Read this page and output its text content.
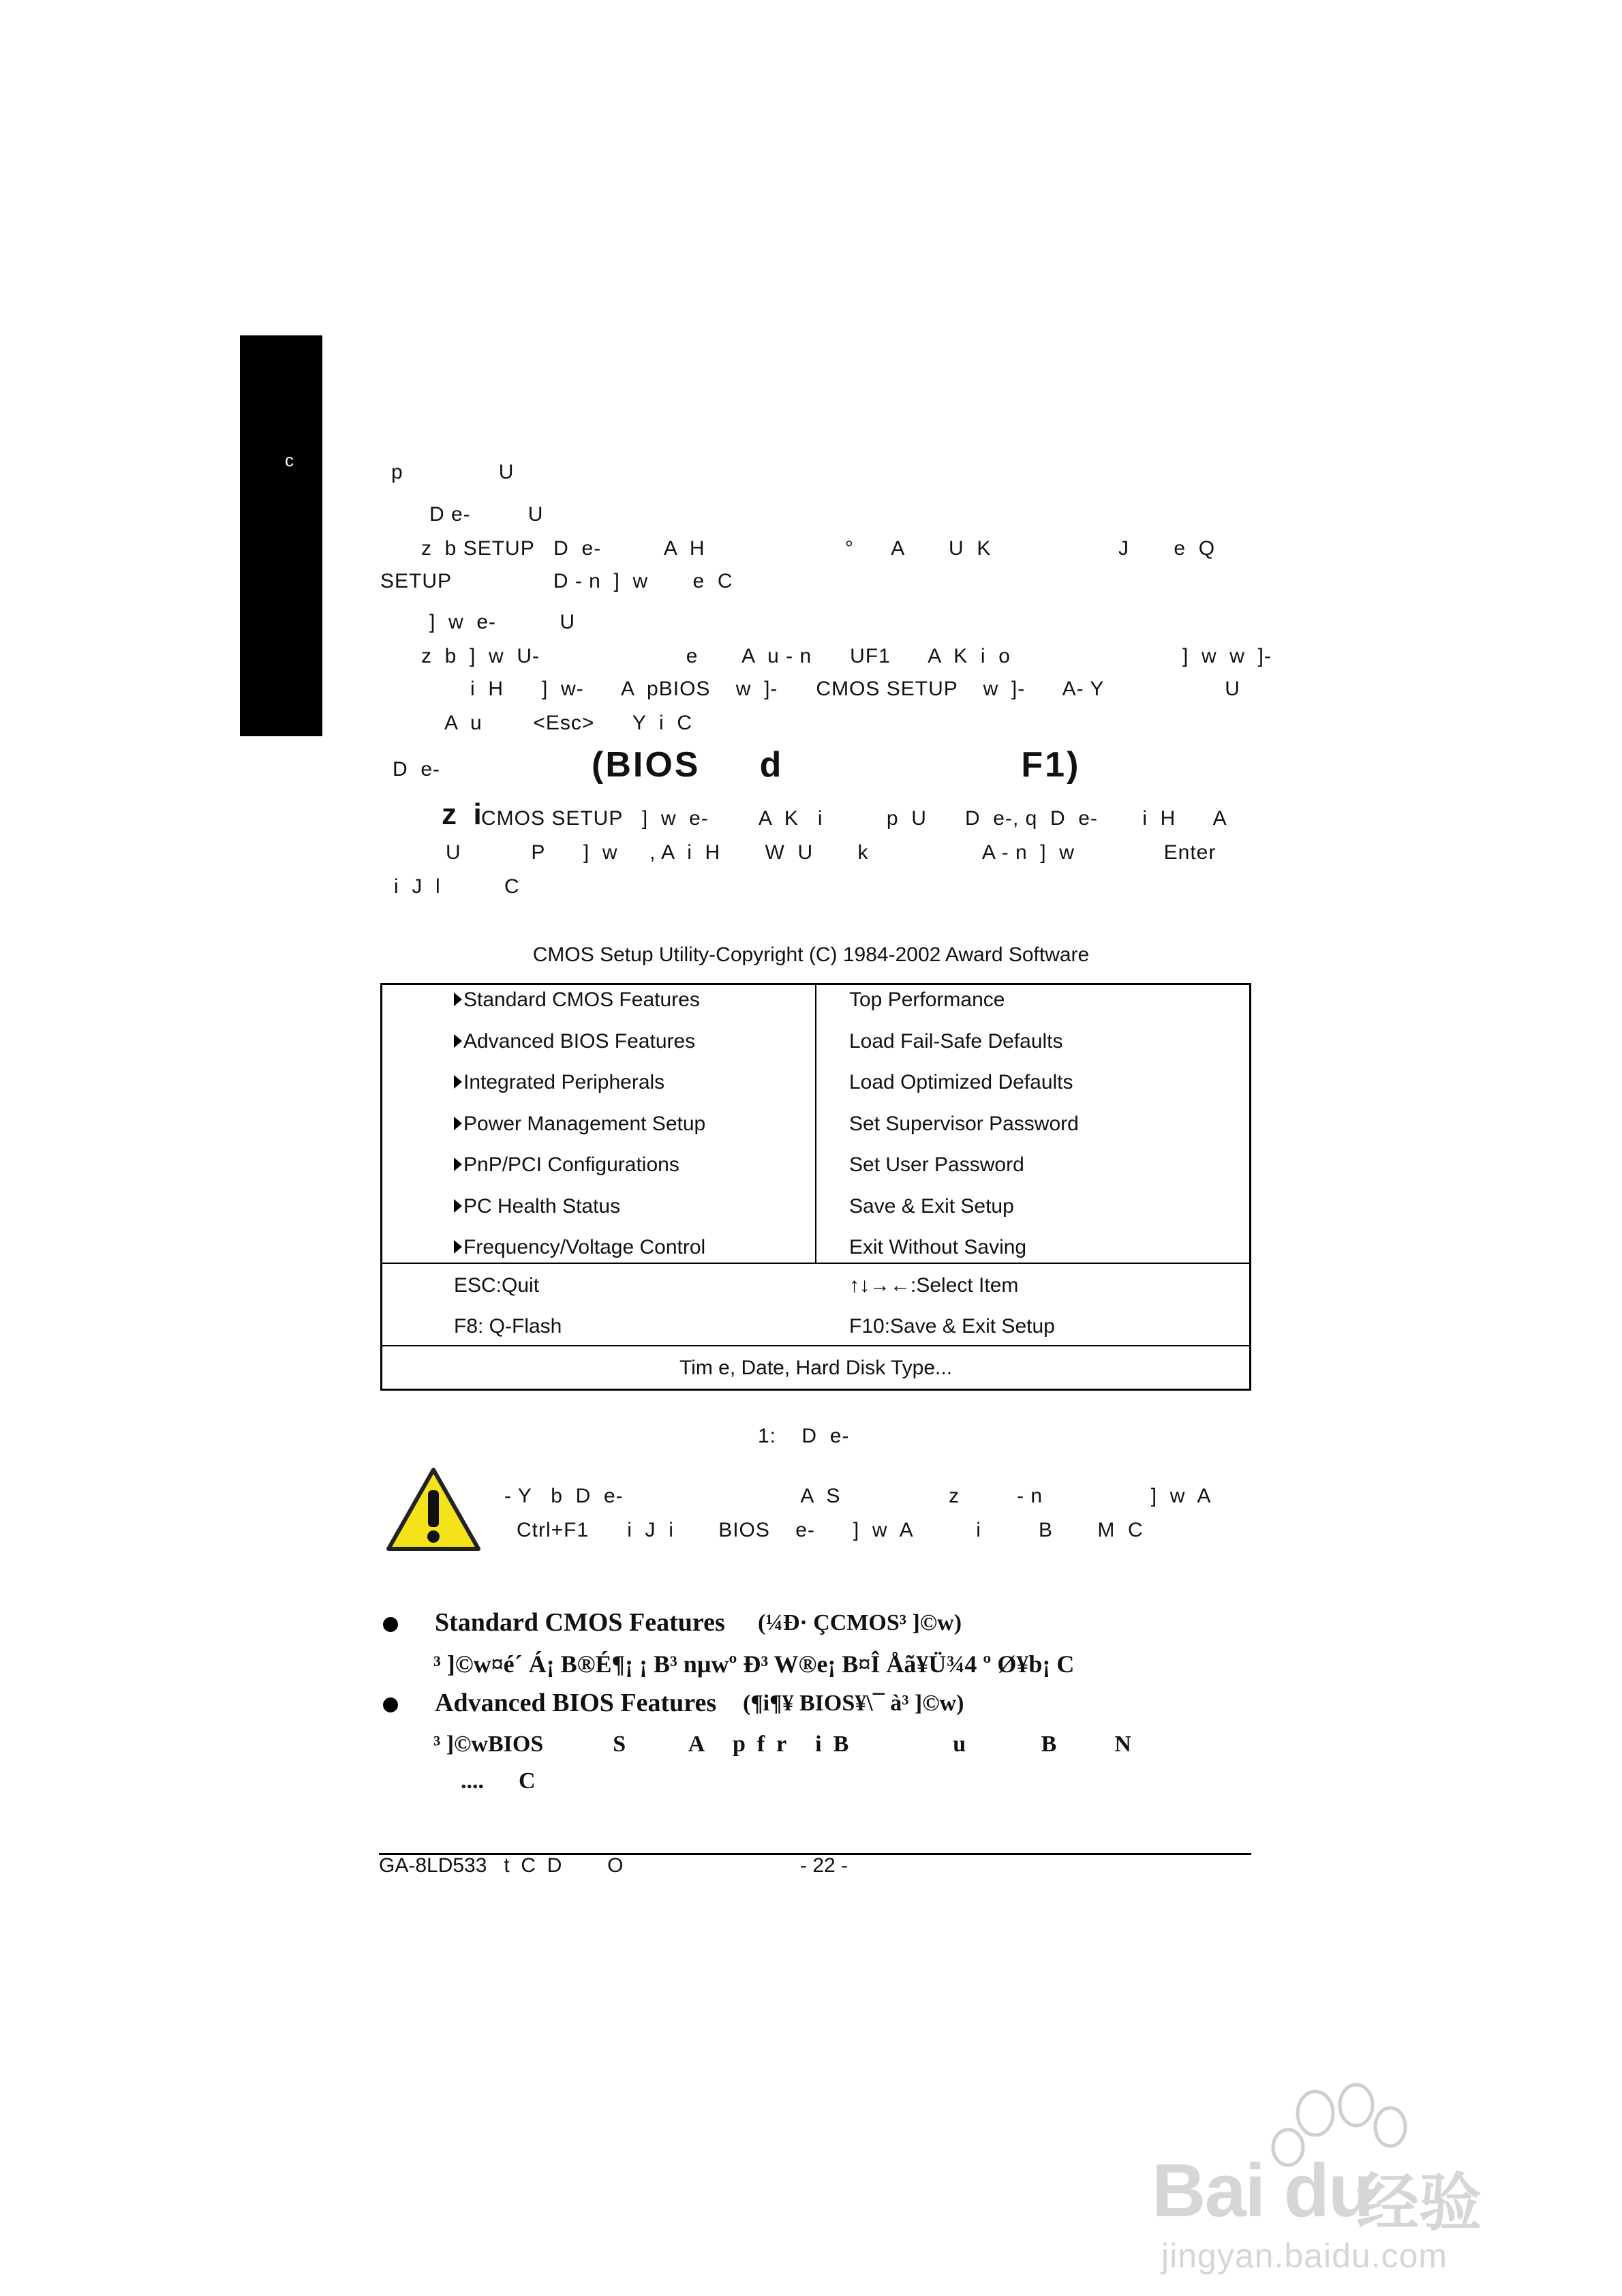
c
p               U
D e-         U
z  b SETUP   D  e-          A  H                      °      A       U  K                    J       e  Q
SETUP                D - n  ]  w       e  C
]  w  e-          U
z  b  ]  w  U-                       e       A  u - n      UF1      A  K  i  o                           ]  w  w  ]-
i  H      ]  w-      A  pBIOS    w  ]-      CMOS SETUP    w  ]-      A- Y                   U
A  u        <Esc>      Y  i  C
CMOS SETUP   ]  w  e-        A  K   i          p  U      D  e-, q  D  e-       i  H      A
U           P      ]  w     , A  i  H       W  U       k                  A - n  ]  w              Enter
i  J  l          C
D  e-	(BIOS     d                    F1)
z  i
CMOS Setup Utility-Copyright (C) 1984-2002 Award Software
Standard CMOS Features
Advanced BIOS Features
Integrated Peripherals
Power Management Setup
PnP/PCI Configurations
PC Health Status
Frequency/Voltage Control
Top Performance
Load Fail-Safe Defaults
Load Optimized Defaults
Set Supervisor Password
Set User Password
Save & Exit Setup
Exit Without Saving
ESC:Quit
F8: Q-Flash
↑↓→←:Select Item
F10:Save & Exit Setup
Tim e, Date, Hard Disk Type...
1:    D  e-
- Y   b  D  e-                            A  S                 z         - n                 ]  w  A
Ctrl+F1      i  J  i       BIOS    e-      ]  w  A          i         B       M  C
Standard CMOS Features (¼Ð· ÇCMOS³ ]©w)
³ ]©w¤é´ Á¡ B®É¶¡ ¡ B³ nµwº Ð³ W®e¡ B¤Î Åã¥Ü¾4 º Ø¥b¡ C
Advanced BIOS Features (¶i¶¥ BIOS¥\¯ à³ ]©w)
³ ]©wBIOS            S           A     p  f  r     i  B                  u             B          N
....      C
GA-8LD533   t  C  D        O	- 22 -
Bai du
经验
jingyan.baidu.com
